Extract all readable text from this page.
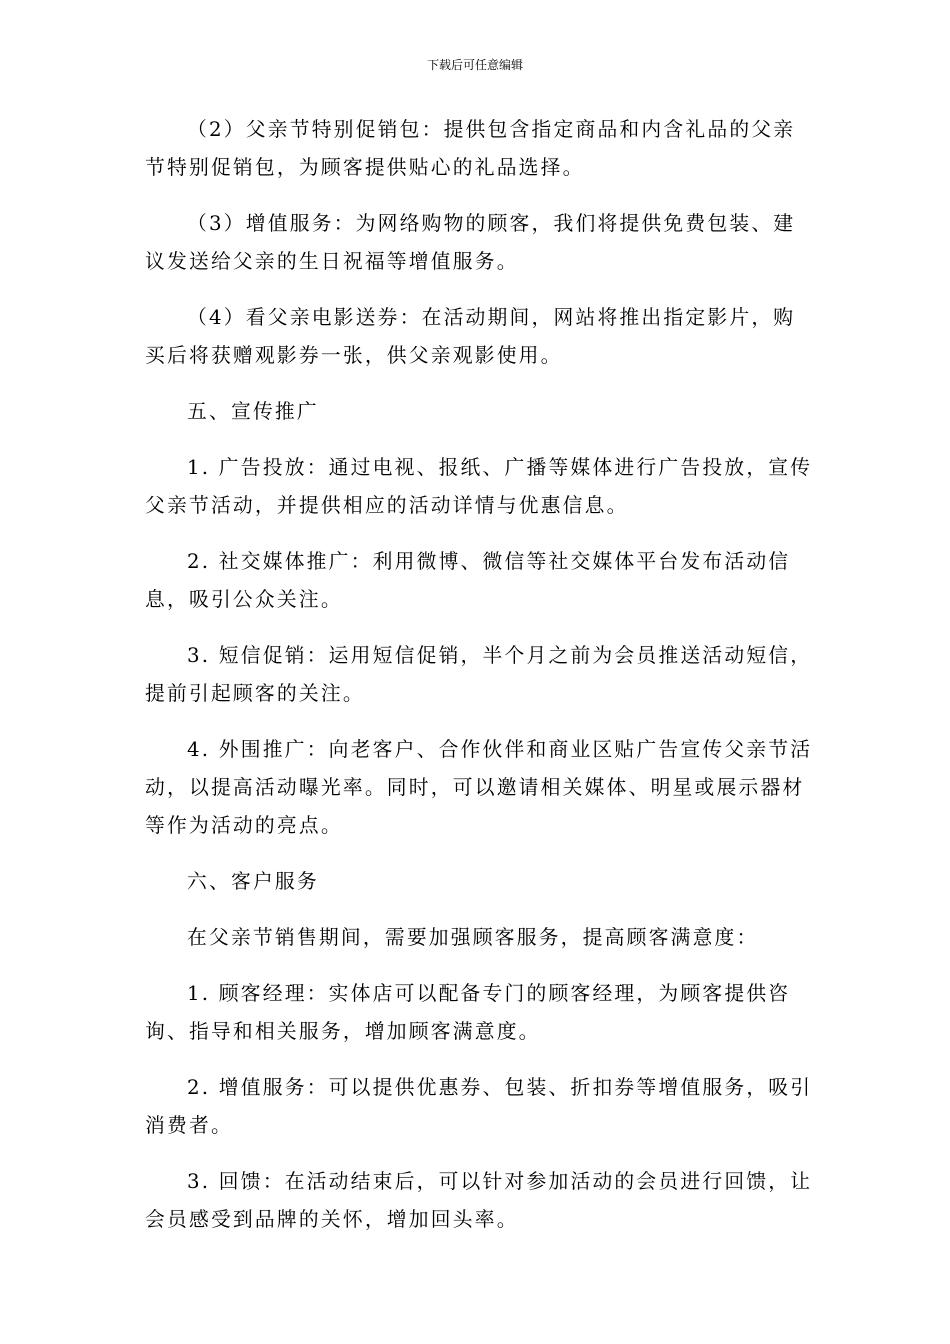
下载后可任意编辑

（2）父亲节特别促销包：提供包含指定商品和内含礼品的父亲节特别促销包，为顾客提供贴心的礼品选择。

（3）增值服务：为网络购物的顾客，我们将提供免费包装、建议发送给父亲的生日祝福等增值服务。

（4）看父亲电影送券：在活动期间，网站将推出指定影片，购买后将获赠观影券一张，供父亲观影使用。

五、宣传推广

1. 广告投放：通过电视、报纸、广播等媒体进行广告投放，宣传父亲节活动，并提供相应的活动详情与优惠信息。

2. 社交媒体推广：利用微博、微信等社交媒体平台发布活动信息，吸引公众关注。

3. 短信促销：运用短信促销，半个月之前为会员推送活动短信，提前引起顾客的关注。

4. 外围推广：向老客户、合作伙伴和商业区贴广告宣传父亲节活动，以提高活动曝光率。同时，可以邀请相关媒体、明星或展示器材等作为活动的亮点。

六、客户服务

在父亲节销售期间，需要加强顾客服务，提高顾客满意度：

1. 顾客经理：实体店可以配备专门的顾客经理，为顾客提供咨询、指导和相关服务，增加顾客满意度。

2. 增值服务：可以提供优惠券、包装、折扣券等增值服务，吸引消费者。

3. 回馈：在活动结束后，可以针对参加活动的会员进行回馈，让会员感受到品牌的关怀，增加回头率。
